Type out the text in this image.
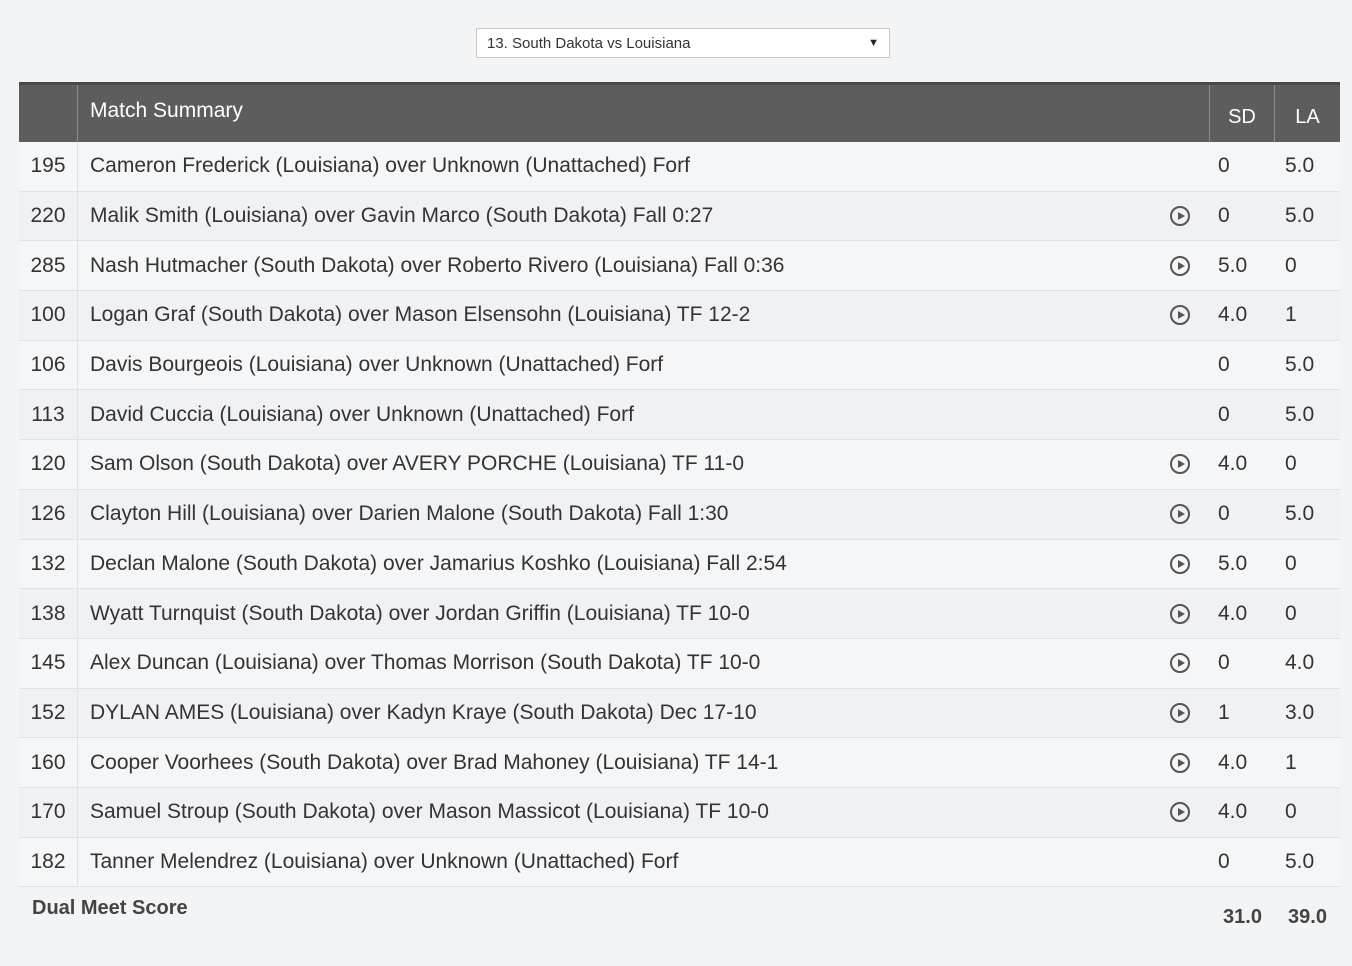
13. South Dakota vs Louisiana	▼
Match Summary	SD	LA
195	Cameron Frederick (Louisiana) over Unknown (Unattached) Forf	0	5.0
220	Malik Smith (Louisiana) over Gavin Marco (South Dakota) Fall 0:27	0	5.0
285	Nash Hutmacher (South Dakota) over Roberto Rivero (Louisiana) Fall 0:36	5.0	0
100	Logan Graf (South Dakota) over Mason Elsensohn (Louisiana) TF 12-2	4.0	1
106	Davis Bourgeois (Louisiana) over Unknown (Unattached) Forf	0	5.0
113	David Cuccia (Louisiana) over Unknown (Unattached) Forf	0	5.0
120	Sam Olson (South Dakota) over AVERY PORCHE (Louisiana) TF 11-0	4.0	0
126	Clayton Hill (Louisiana) over Darien Malone (South Dakota) Fall 1:30	0	5.0
132	Declan Malone (South Dakota) over Jamarius Koshko (Louisiana) Fall 2:54	5.0	0
138	Wyatt Turnquist (South Dakota) over Jordan Griffin (Louisiana) TF 10-0	4.0	0
145	Alex Duncan (Louisiana) over Thomas Morrison (South Dakota) TF 10-0	0	4.0
152	DYLAN AMES (Louisiana) over Kadyn Kraye (South Dakota) Dec 17-10	1	3.0
160	Cooper Voorhees (South Dakota) over Brad Mahoney (Louisiana) TF 14-1	4.0	1
170	Samuel Stroup (South Dakota) over Mason Massicot (Louisiana) TF 10-0	4.0	0
182	Tanner Melendrez (Louisiana) over Unknown (Unattached) Forf	0	5.0
Dual Meet Score	31.0	39.0
